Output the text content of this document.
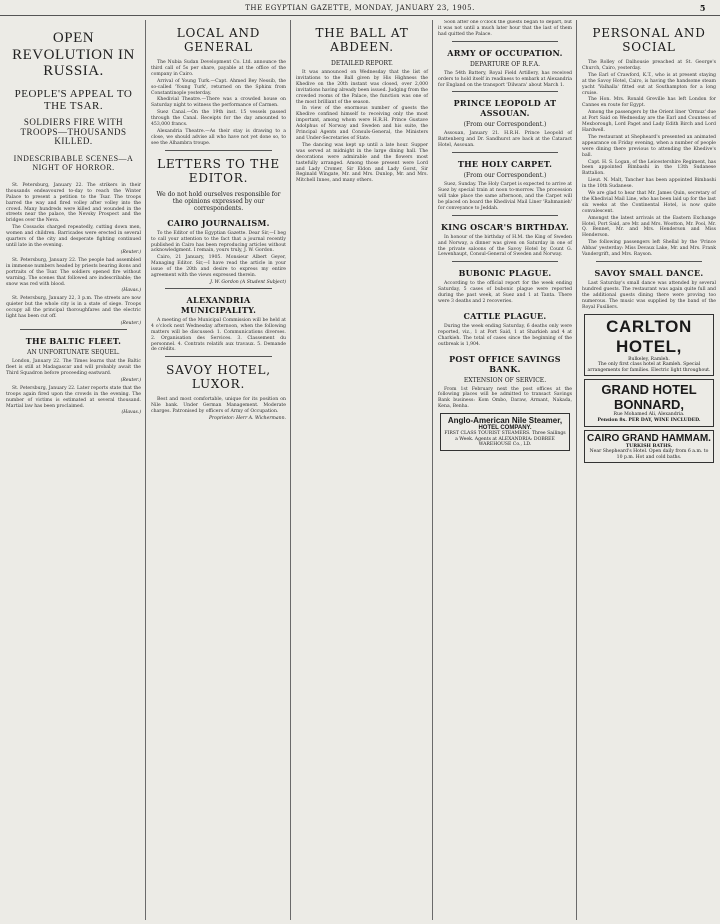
THE EGYPTIAN GAZETTE, MONDAY, JANUARY 23, 1905.	5
OPEN REVOLUTION IN RUSSIA.
PEOPLE'S APPEAL TO THE TSAR.
SOLDIERS FIRE WITH TROOPS—THOUSANDS KILLED.
INDESCRIBABLE SCENES—A NIGHT OF HORROR.

St. Petersburg, January 22. The strikers in their thousands endeavoured to-day to reach the Winter Palace to present a petition to the Tsar. The troops barred the way and fired volley after volley into the crowd. Many hundreds were killed and wounded in the streets near the palace, the Nevsky Prospect and the bridges over the Neva.

The Cossacks charged repeatedly, cutting down men, women and children. Barricades were erected in several quarters of the city and desperate fighting continued until late in the evening.

(Reuter.)

St. Petersburg, January 22. The people had assembled in immense numbers headed by priests bearing ikons and portraits of the Tsar. The soldiers opened fire without warning. The scenes that followed are indescribable; the snow was red with blood.

(Havas.)

St. Petersburg, January 22, 3 p.m. The streets are now quieter but the whole city is in a state of siege. Troops occupy all the principal thoroughfares and the electric light has been cut off.

(Reuter.)
THE BALTIC FLEET.
AN UNFORTUNATE SEQUEL.

London, January 22. The Times learns that the Baltic fleet is still at Madagascar and will probably await the Third Squadron before proceeding eastward.

(Reuter.)

St. Petersburg, January 22. Later reports state that the troops again fired upon the crowds in the evening. The number of victims is estimated at several thousand. Martial law has been proclaimed.

(Havas.)
LOCAL AND GENERAL

The Nubia Sudan Development Co. Ltd. announce the third call of 5s per share, payable at the office of the company in Cairo.

Arrival of Young Turk.—Capt. Ahmed Bey Nessib, the so-called 'Young Turk', returned on the Sphinx from Constantinople yesterday.

Khedivial Theatre.—There was a crowded house on Saturday night to witness the performance of Carmen.

Suez Canal.—On the 19th inst. 15 vessels passed through the Canal. Receipts for the day amounted to 453,000 francs.

Alexandria Theatre.—As their stay is drawing to a close, we should advise all who have not yet done so, to see the Alhambra troupe.

LETTERS TO THE EDITOR.
We do not hold ourselves responsible for the opinions expressed by our correspondents.
CAIRO JOURNALISM.

To the Editor of the Egyptian Gazette. Dear Sir,—I beg to call your attention to the fact that a journal recently published in Cairo has been reproducing articles without acknowledgment. I remain, yours truly, J. W. Gordon.

Cairo, 21 January, 1905. Monsieur Albert Geyer, Managing Editor. Sir,—I have read the article in your issue of the 20th and desire to express my entire agreement with the views expressed therein.

J. W. Gordon (A Student Subject)
ALEXANDRIA MUNICIPALITY.

A meeting of the Municipal Commission will be held at 4 o'clock next Wednesday afternoon, when the following matters will be discussed: 1. Communications diverses. 2. Organisation des Services. 3. Classement du personnel. 4. Contrats relatifs aux travaux. 5. Demande de crédits.

SAVOY HOTEL, LUXOR.

Best and most comfortable, unique for its position on Nile bank. Under German Management. Moderate charges. Patronised by officers of Army of Occupation.

Proprietor: Herr A. Wichermann.
THE BALL AT ABDEEN.
DETAILED REPORT.

It was announced on Wednesday that the list of invitations to the Ball given by His Highness the Khedive on the 20th instant was closed, over 2,000 invitations having already been issued. Judging from the crowded rooms of the Palace, the function was one of the most brilliant of the season.

In view of the enormous number of guests the Khedive confined himself to receiving only the most important, among whom were H.R.H. Prince Gustave Adolphus of Norway and Sweden and his suite, the Principal Agents and Consuls-General, the Ministers and Under-Secretaries of State.

The dancing was kept up until a late hour. Supper was served at midnight in the large dining hall. The decorations were admirable and the flowers most tastefully arranged. Among those present were Lord and Lady Cromer, Sir Eldon and Lady Gorst, Sir Reginald Wingate, Mr. and Mrs. Dunlop, Mr. and Mrs. Mitchell Innes, and many others.

Soon after one o'clock the guests began to depart, but it was not until a much later hour that the last of them had quitted the Palace.

ARMY OF OCCUPATION.
DEPARTURE OF R.F.A.

The 54th Battery, Royal Field Artillery, has received orders to hold itself in readiness to embark at Alexandria for England on the transport 'Dilwara' about March 1.

PRINCE LEOPOLD AT ASSOUAN.
(From our Correspondent.)

Assouan, January 21. H.R.H. Prince Leopold of Battenberg and Dr. Sandhurst are back at the Cataract Hotel, Assouan.

THE HOLY CARPET.
(From our Correspondent.)

Suez, Sunday. The Holy Carpet is expected to arrive at Suez by special train at noon to-morrow. The procession will take place the same afternoon, and the Carpet will be placed on board the Khedivial Mail Liner 'Rahmanieh' for conveyance to Jeddah.

KING OSCAR'S BIRTHDAY.

In honour of the birthday of H.M. the King of Sweden and Norway, a dinner was given on Saturday in one of the private saloons of the Savoy Hotel by Count G. Lewenhaupt, Consul-General of Sweden and Norway.

BUBONIC PLAGUE.

According to the official report for the week ending Saturday, 5 cases of bubonic plague were reported during the past week, at Suez and 1 at Tanta. There were 3 deaths and 2 recoveries.

CATTLE PLAGUE.

During the week ending Saturday, 6 deaths only were reported, viz., 1 at Port Said, 1 at Sharkieh and 4 at Charkieh. The total of cases since the beginning of the outbreak is 1,904.

POST OFFICE SAVINGS BANK.
EXTENSION OF SERVICE.

From 1st February next the post offices at the following places will be admitted to transact Savings Bank business: Kom Ombo, Daraw, Armant, Nakada, Kena, Benha.

Anglo-American Nile Steamer,
HOTEL COMPANY.
FIRST CLASS TOURIST STEAMERS. Three Sailings a Week. Agents at ALEXANDRIA: DOBREE WAREHOUSE Co., LD.
PERSONAL AND SOCIAL

The Rolley of Dalhousie preached at St. George's Church, Cairo, yesterday.

The Earl of Crawford, K.T., who is at present staying at the Savoy Hotel, Cairo, is having the handsome steam yacht 'Valhalla' fitted out at Southampton for a long cruise.

The Hon. Mrs. Ronald Greville has left London for Cannes en route for Egypt.

Among the passengers by the Orient liner 'Ormuz' due at Port Said on Wednesday are the Earl and Countess of Mexborough, Lord Paget and Lady Edith Birch and Lord Hardwell.

The restaurant at Shepheard's presented an animated appearance on Friday evening, when a number of people were dining there previous to attending the Khedive's ball.

Capt. H. S. Logan, of the Leicestershire Regiment, has been appointed Bimbashi in the 13th Sudanese Battalion.

Lieut. N. Malt, Tancher has been appointed Bimbashi in the 10th Sudanese.

We are glad to hear that Mr. James Quin, secretary of the Khedivial Mail Line, who has been laid up for the last six weeks at the Continental Hotel, is now quite convalescent.

Amongst the latest arrivals at the Eastern Exchange Hotel, Port Said, are Mr. and Mrs. Wootton, Mr. Pool, Mr. Q. Bennet, Mr. and Mrs. Henderson and Miss Henderson.

The following passengers left Shellal by the 'Prince Abbas' yesterday: Miss Devaux Lake, Mr. and Mrs. Frank Vandergrift, and Mrs. Rayson.

SAVOY SMALL DANCE.

Last Saturday's small dance was attended by several hundred guests. The restaurant was again quite full and the additional guests dining there were proving too numerous. The music was supplied by the band of the Royal Fusiliers.

CARLTON HOTEL,
Bulkeley, Ramleh.
The only first class hotel at Ramleh. Special arrangements for families. Electric light throughout.
GRAND HOTEL BONNARD,
Rue Mohamed Ali, Alexandria.
Pension 8s. PER DAY, WINE INCLUDED.
CAIRO GRAND HAMMAM.
TURKISH BATHS.
Near Shepheard's Hotel. Open daily from 6 a.m. to 10 p.m. Hot and cold baths.
